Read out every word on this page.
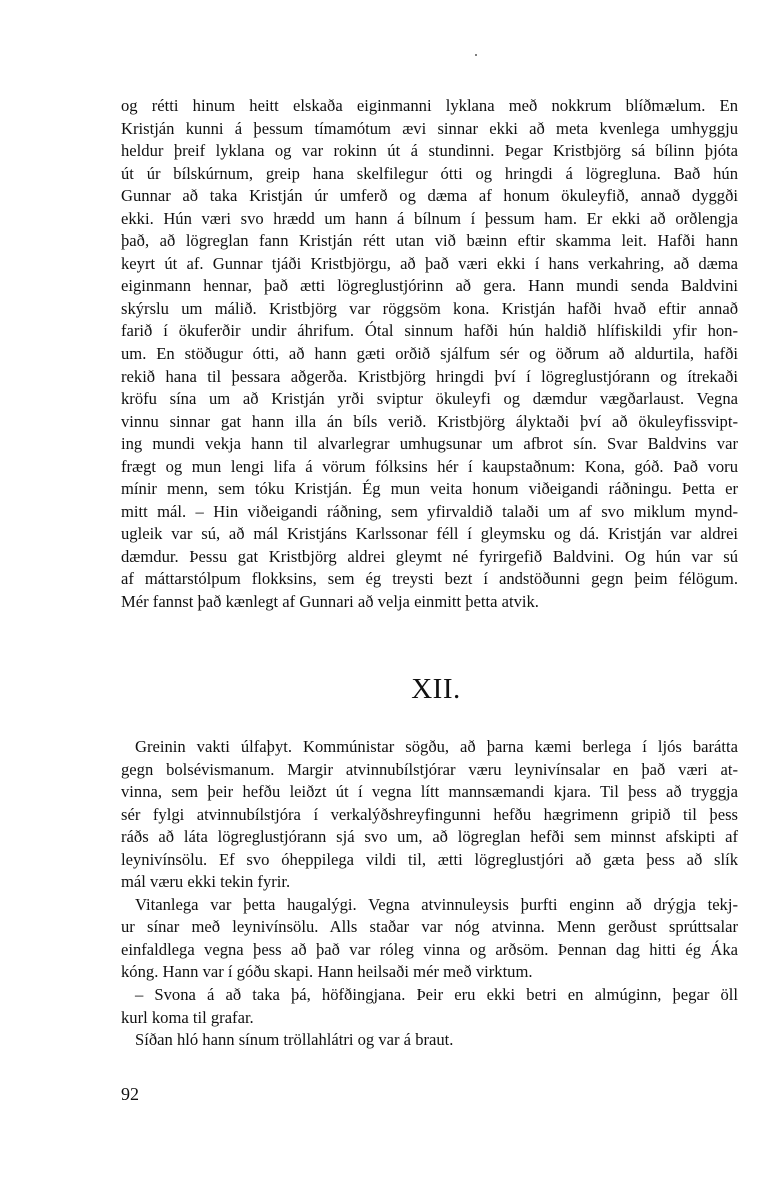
og rétti hinum heitt elskaða eiginmanni lyklana með nokkrum blíðmælum. En
Kristján kunni á þessum tímamótum ævi sinnar ekki að meta kvenlega umhyggju
heldur þreif lyklana og var rokinn út á stundinni. Þegar Kristbjörg sá bílinn þjóta
út úr bílskúrnum, greip hana skelfilegur ótti og hringdi á lögregluna. Bað hún
Gunnar að taka Kristján úr umferð og dæma af honum ökuleyfið, annað dyggði
ekki. Hún væri svo hrædd um hann á bílnum í þessum ham. Er ekki að orðlengja
það, að lögreglan fann Kristján rétt utan við bæinn eftir skamma leit. Hafði hann
keyrt út af. Gunnar tjáði Kristbjörgu, að það væri ekki í hans verkahring, að dæma
eiginmann hennar, það ætti lögreglustjórinn að gera. Hann mundi senda Baldvini
skýrslu um málið. Kristbjörg var röggsöm kona. Kristján hafði hvað eftir annað
farið í ökuferðir undir áhrifum. Ótal sinnum hafði hún haldið hlífiskildi yfir hon-
um. En stöðugur ótti, að hann gæti orðið sjálfum sér og öðrum að aldurtila, hafði
rekið hana til þessara aðgerða. Kristbjörg hringdi því í lögreglustjórann og ítrekaði
kröfu sína um að Kristján yrði sviptur ökuleyfi og dæmdur vægðarlaust. Vegna
vinnu sinnar gat hann illa án bíls verið. Kristbjörg ályktaði því að ökuleyfissvipt-
ing mundi vekja hann til alvarlegrar umhugsunar um afbrot sín. Svar Baldvins var
frægt og mun lengi lifa á vörum fólksins hér í kaupstaðnum: Kona, góð. Það voru
mínir menn, sem tóku Kristján. Ég mun veita honum viðeigandi ráðningu. Þetta er
mitt mál. – Hin viðeigandi ráðning, sem yfirvaldið talaði um af svo miklum mynd-
ugleik var sú, að mál Kristjáns Karlssonar féll í gleymsku og dá. Kristján var aldrei
dæmdur. Þessu gat Kristbjörg aldrei gleymt né fyrirgefið Baldvini. Og hún var sú
af máttarstólpum flokksins, sem ég treysti bezt í andstöðunni gegn þeim félögum.
Mér fannst það kænlegt af Gunnari að velja einmitt þetta atvik.
XII.
Greinin vakti úlfaþyt. Kommúnistar sögðu, að þarna kæmi berlega í ljós barátta
gegn bolsévismanum. Margir atvinnubílstjórar væru leynivínsalar en það væri at-
vinna, sem þeir hefðu leiðzt út í vegna lítt mannsæmandi kjara. Til þess að tryggja
sér fylgi atvinnubílstjóra í verkalýðshreyfingunni hefðu hægrimenn gripið til þess
ráðs að láta lögreglustjórann sjá svo um, að lögreglan hefði sem minnst afskipti af
leynivínsölu. Ef svo óheppilega vildi til, ætti lögreglustjóri að gæta þess að slík
mál væru ekki tekin fyrir.
Vitanlega var þetta haugalýgi. Vegna atvinnuleysis þurfti enginn að drýgja tekj-
ur sínar með leynivínsölu. Alls staðar var nóg atvinna. Menn gerðust sprúttsalar
einfaldlega vegna þess að það var róleg vinna og arðsöm. Þennan dag hitti ég Áka
kóng. Hann var í góðu skapi. Hann heilsaði mér með virktum.
– Svona á að taka þá, höfðingjana. Þeir eru ekki betri en almúginn, þegar öll
kurl koma til grafar.
Síðan hló hann sínum tröllahlátri og var á braut.
92
